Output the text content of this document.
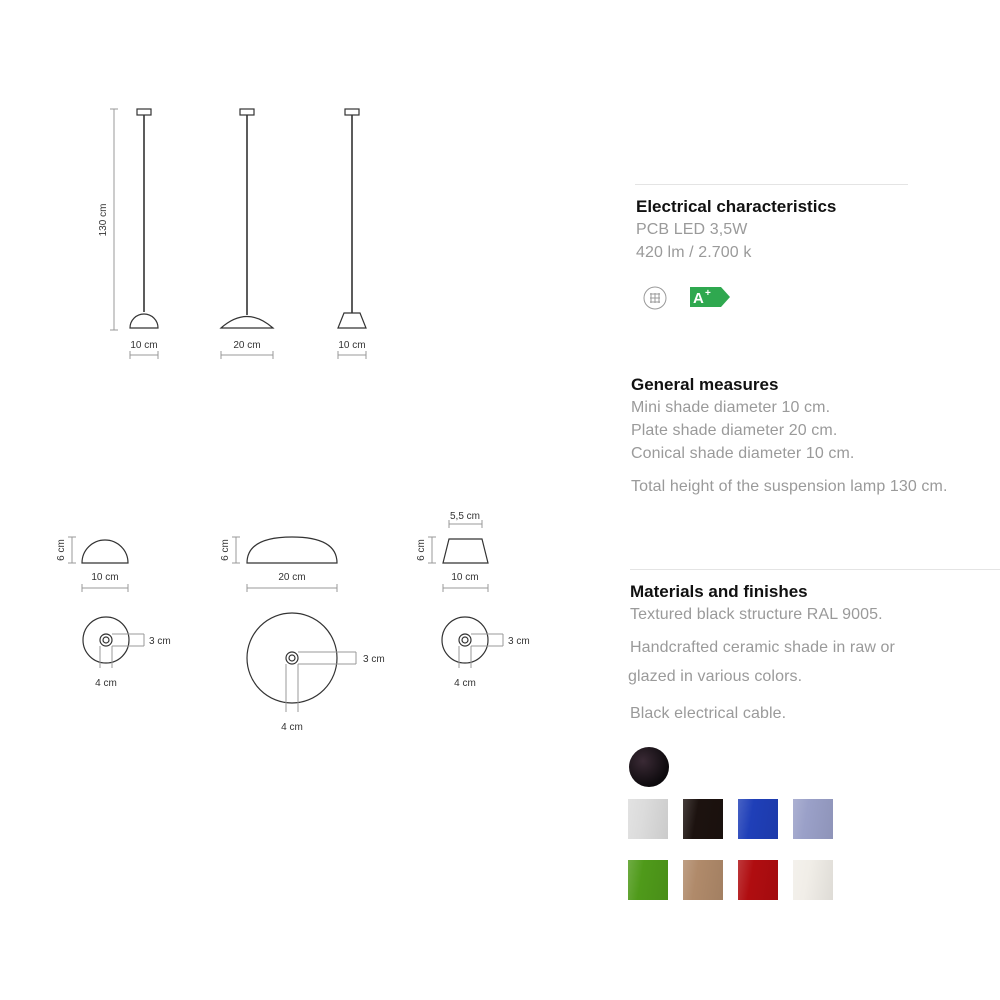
130 cm
10 cm	20 cm	10 cm
6 cm
10 cm
6 cm
20 cm
5,5 cm
6 cm
10 cm
3 cm
4 cm
3 cm
4 cm
3 cm
4 cm
Electrical characteristics
PCB LED 3,5W
420 lm / 2.700 k
A +
General measures
Mini shade diameter 10 cm.
Plate shade diameter 20 cm.
Conical shade diameter 10 cm.
Total height of the suspension lamp 130 cm.
Materials and finishes
Textured black structure RAL 9005.
Handcrafted ceramic shade in raw or
glazed in various colors.
Black electrical cable.
